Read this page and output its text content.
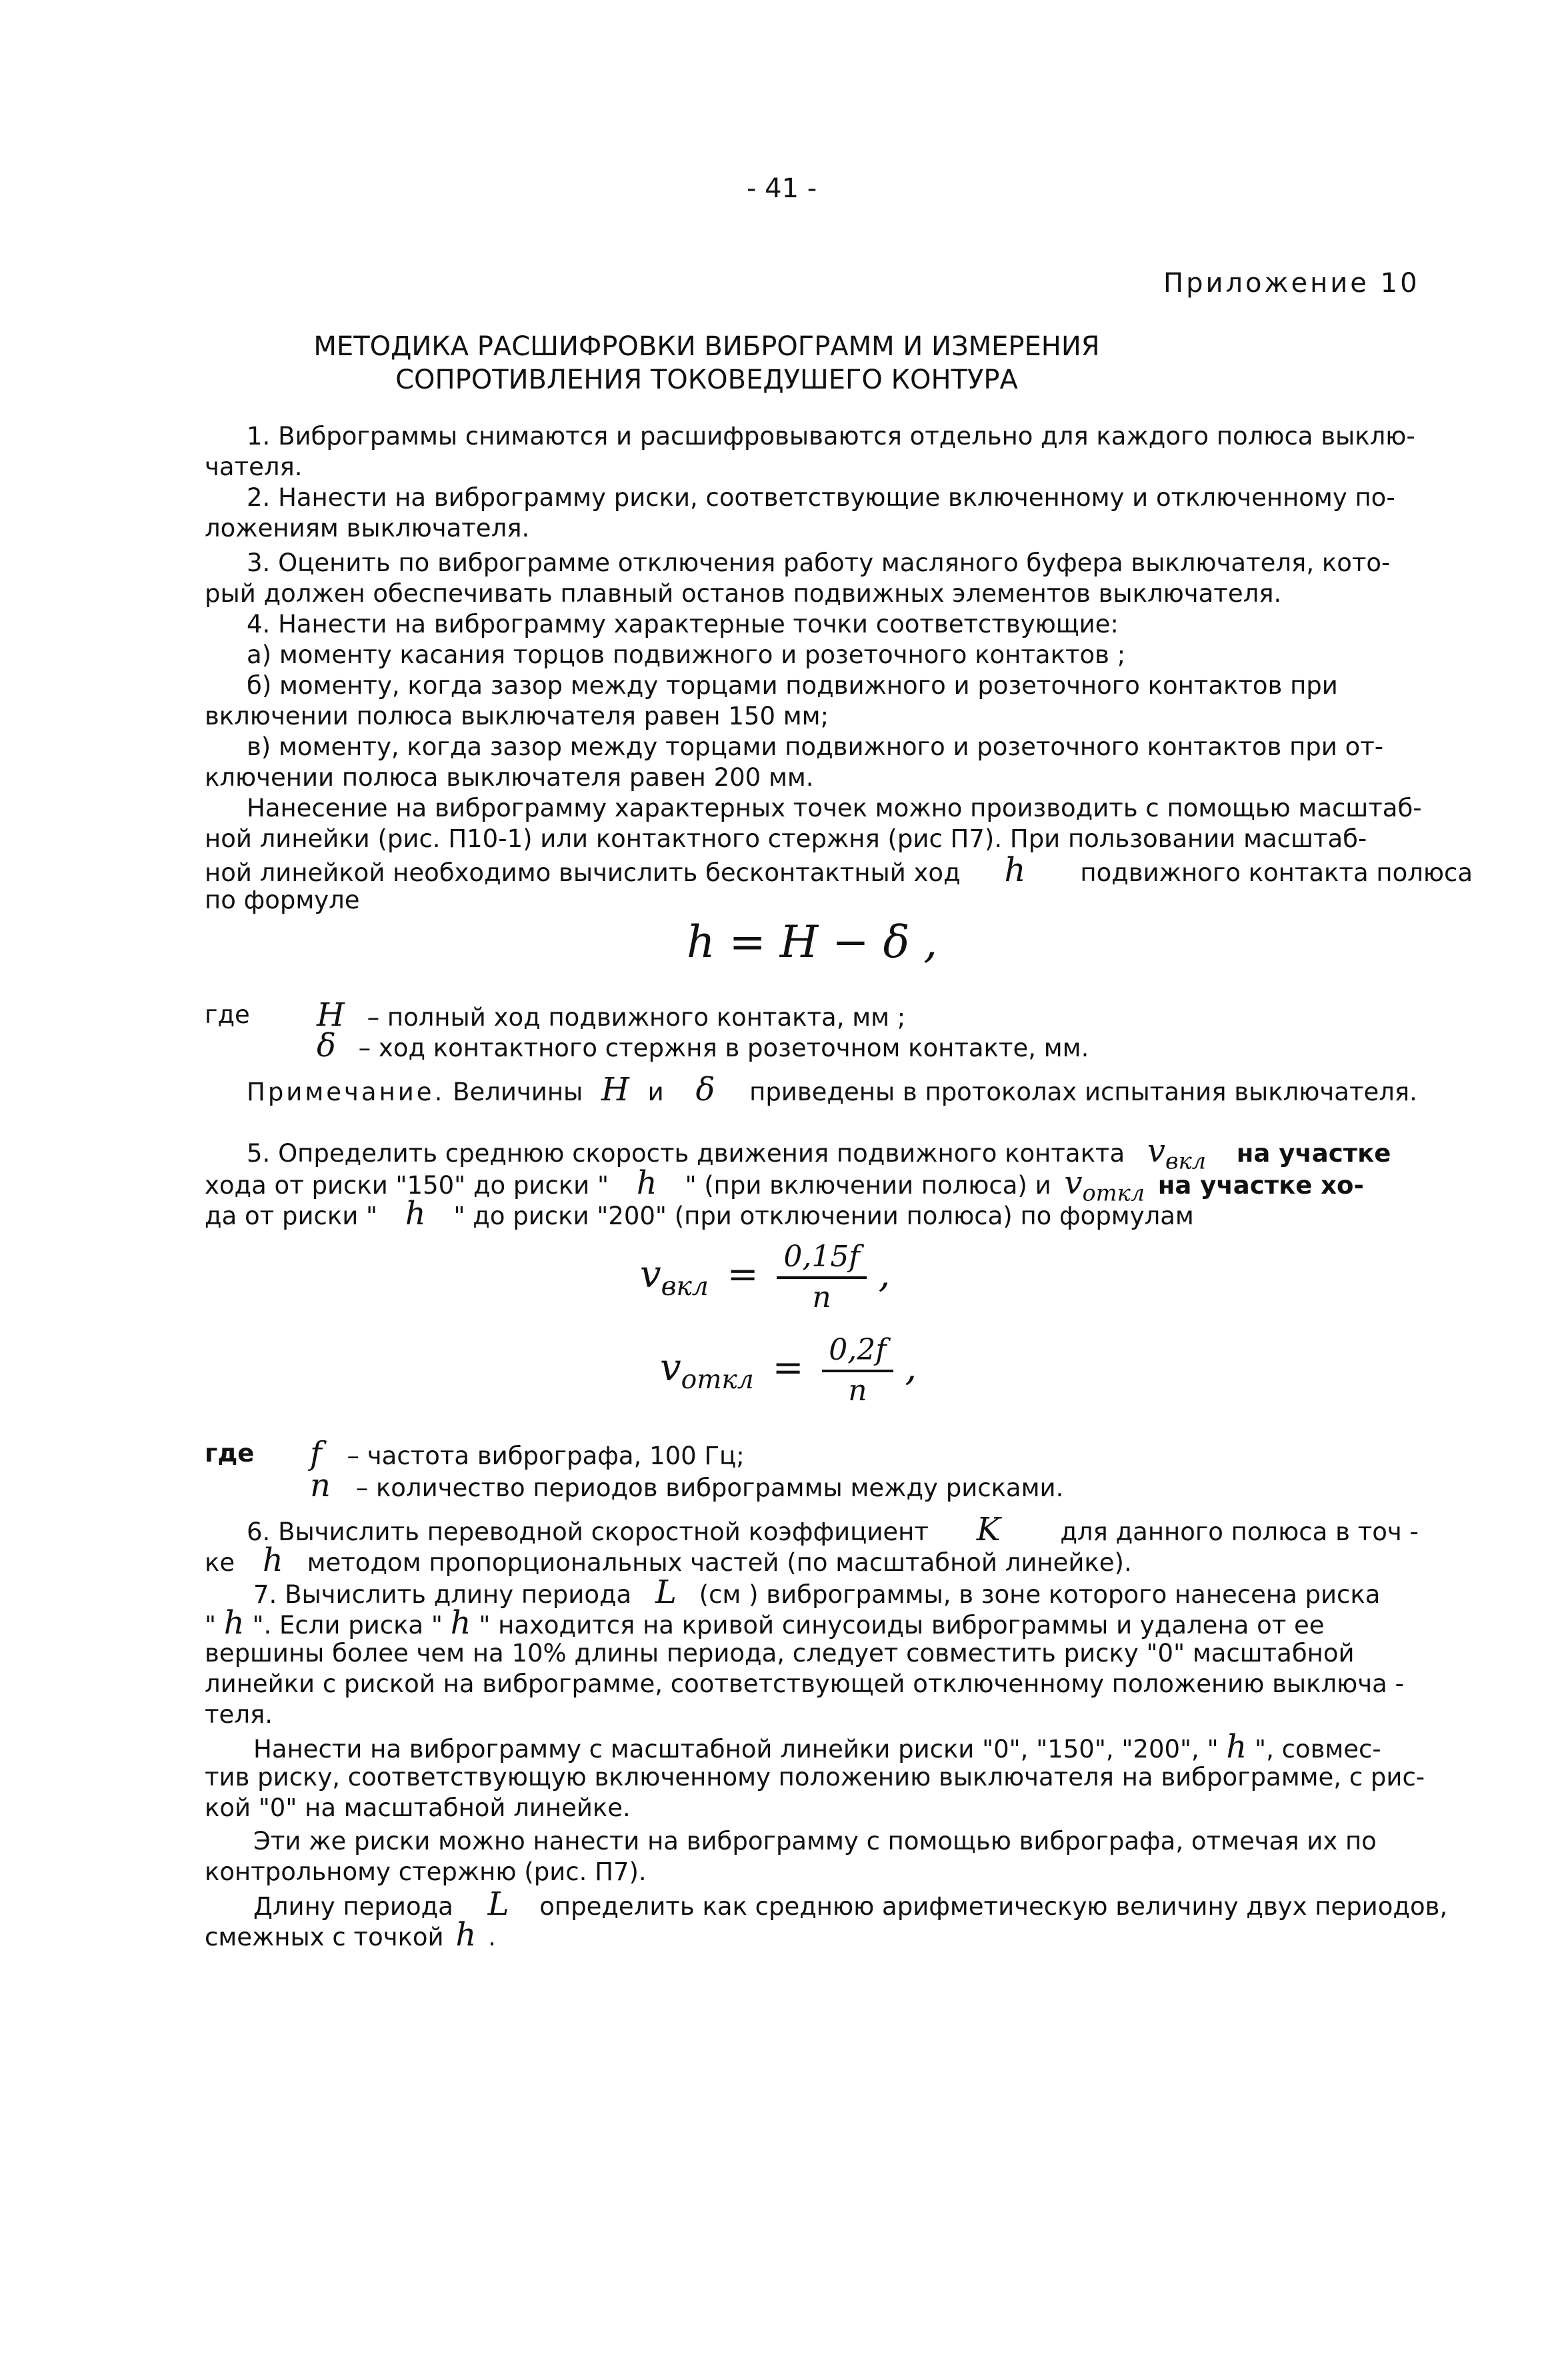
- 41 -
Приложение 10
МЕТОДИКА РАСШИФРОВКИ ВИБРОГРАММ И ИЗМЕРЕНИЯ
СОПРОТИВЛЕНИЯ ТОКОВЕДУШЕГО КОНТУРА
1. Виброграммы снимаются и расшифровываются отдельно для каждого полюса выклю-
чателя.
2. Нанести на виброграмму риски, соответствующие включенному и отключенному по-
ложениям выключателя.
3. Оценить по виброграмме отключения работу масляного буфера выключателя, кото-
рый должен обеспечивать плавный останов подвижных элементов выключателя.
4. Нанести на виброграмму характерные точки соответствующие:
а) моменту касания торцов подвижного и розеточного контактов ;
б) моменту, когда зазор между торцами подвижного и розеточного контактов при
включении полюса выключателя равен 150 мм;
в) моменту, когда зазор между торцами подвижного и розеточного контактов при от-
ключении полюса выключателя равен 200 мм.
Нанесение на виброграмму характерных точек можно производить с помощью масштаб-
ной линейки (рис. П10-1) или контактного стержня (рис П7). При пользовании масштаб-
ной линейкой необходимо вычислить бесконтактный ход h подвижного контакта полюса
по формуле
h = H − δ ,
где H – полный ход подвижного контакта, мм ;
δ – ход контактного стержня в розеточном контакте, мм.
Примечание. Величины H и δ приведены в протоколах испытания выключателя.
5. Определить среднюю скорость движения подвижного контакта $v_{вкл}$ на участке
хода от риски "150" до риски " h " (при включении полюса) и $v_{откл}$ на участке хо-
да от риски " h " до риски "200" (при отключении полюса) по формулам
$v_{вкл} = \frac{0,15f}{n}$ ,
$v_{откл} = \frac{0,2f}{n}$ ,
где f – частота вибрографа, 100 Гц;
n – количество периодов виброграммы между рисками.
6. Вычислить переводной скоростной коэффициент K для данного полюса в точ -
ке h методом пропорциональных частей (по масштабной линейке).
7. Вычислить длину периода L (см ) виброграммы, в зоне которого нанесена риска
" h ". Если риска " h " находится на кривой синусоиды виброграммы и удалена от ее
вершины более чем на 10% длины периода, следует совместить риску "0" масштабной
линейки с риской на виброграмме, соответствующей отключенному положению выключа -
теля.
Нанести на виброграмму с масштабной линейки риски "0", "150", "200", " h ", совмес-
тив риску, соответствующую включенному положению выключателя на виброграмме, с рис-
кой "0" на масштабной линейке.
Эти же риски можно нанести на виброграмму с помощью вибрографа, отмечая их по
контрольному стержню (рис. П7).
Длину периода L определить как среднюю арифметическую величину двух периодов,
смежных с точкой h .
